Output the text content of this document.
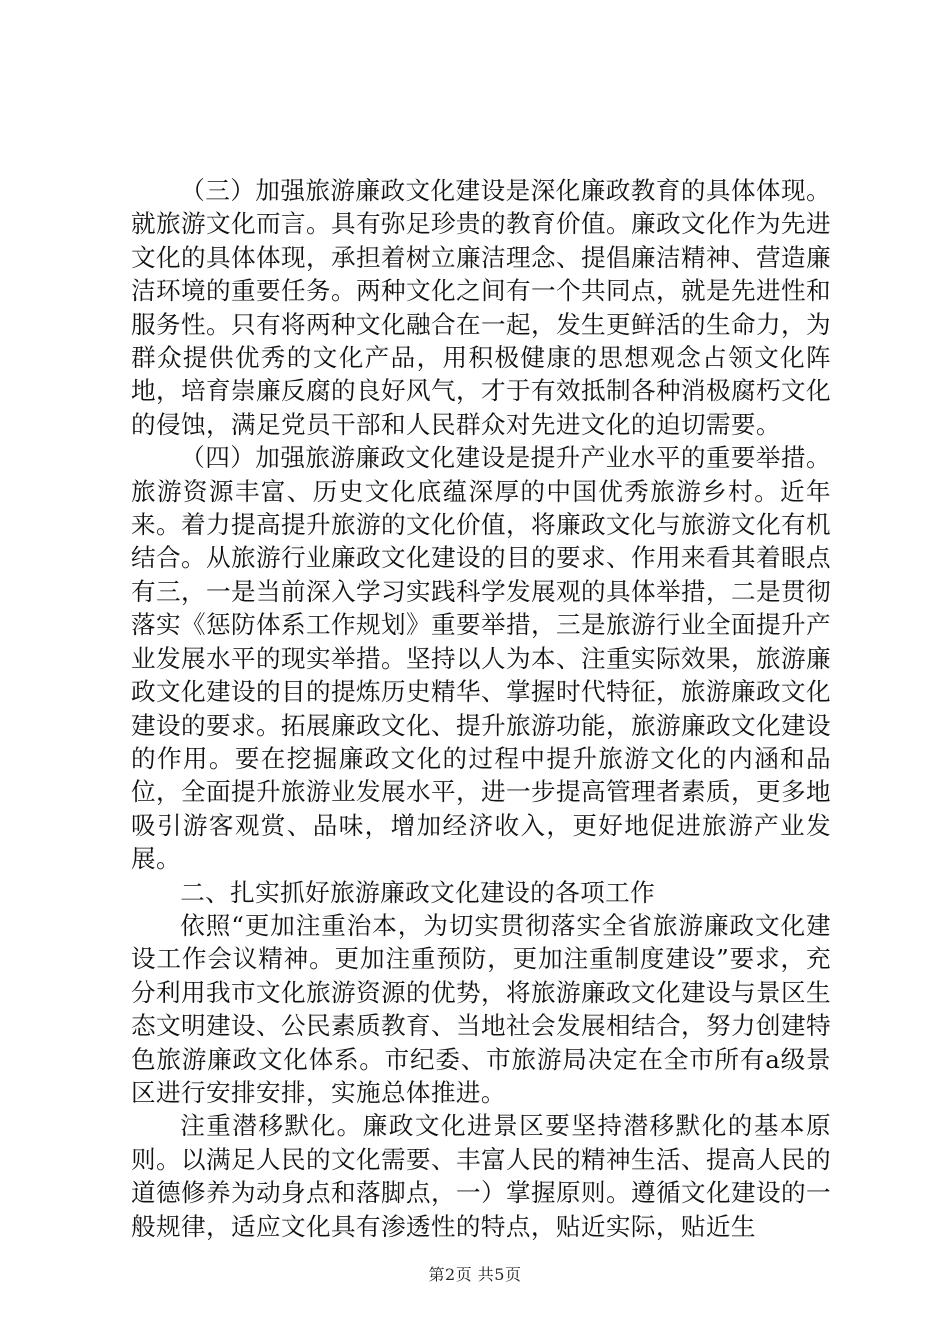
（三）加强旅游廉政文化建设是深化廉政教育的具体体现。就旅游文化而言。具有弥足珍贵的教育价值。廉政文化作为先进文化的具体体现，承担着树立廉洁理念、提倡廉洁精神、营造廉洁环境的重要任务。两种文化之间有一个共同点，就是先进性和服务性。只有将两种文化融合在一起，发生更鲜活的生命力，为群众提供优秀的文化产品，用积极健康的思想观念占领文化阵地，培育崇廉反腐的良好风气，才于有效抵制各种消极腐朽文化的侵蚀，满足党员干部和人民群众对先进文化的迫切需要。

（四）加强旅游廉政文化建设是提升产业水平的重要举措。旅游资源丰富、历史文化底蕴深厚的中国优秀旅游乡村。近年来。着力提高提升旅游的文化价值，将廉政文化与旅游文化有机结合。从旅游行业廉政文化建设的目的要求、作用来看其着眼点有三，一是当前深入学习实践科学发展观的具体举措，二是贯彻落实《惩防体系工作规划》重要举措，三是旅游行业全面提升产业发展水平的现实举措。坚持以人为本、注重实际效果，旅游廉政文化建设的目的提炼历史精华、掌握时代特征，旅游廉政文化建设的要求。拓展廉政文化、提升旅游功能，旅游廉政文化建设的作用。要在挖掘廉政文化的过程中提升旅游文化的内涵和品位，全面提升旅游业发展水平，进一步提高管理者素质，更多地吸引游客观赏、品味，增加经济收入，更好地促进旅游产业发展。

二、扎实抓好旅游廉政文化建设的各项工作

依照“更加注重治本，为切实贯彻落实全省旅游廉政文化建设工作会议精神。更加注重预防，更加注重制度建设”要求，充分利用我市文化旅游资源的优势，将旅游廉政文化建设与景区生态文明建设、公民素质教育、当地社会发展相结合，努力创建特色旅游廉政文化体系。市纪委、市旅游局决定在全市所有a级景区进行安排安排，实施总体推进。

注重潜移默化。廉政文化进景区要坚持潜移默化的基本原则。以满足人民的文化需要、丰富人民的精神生活、提高人民的道德修养为动身点和落脚点，一）掌握原则。遵循文化建设的一般规律，适应文化具有渗透性的特点，贴近实际，贴近生

第2页 共5页
